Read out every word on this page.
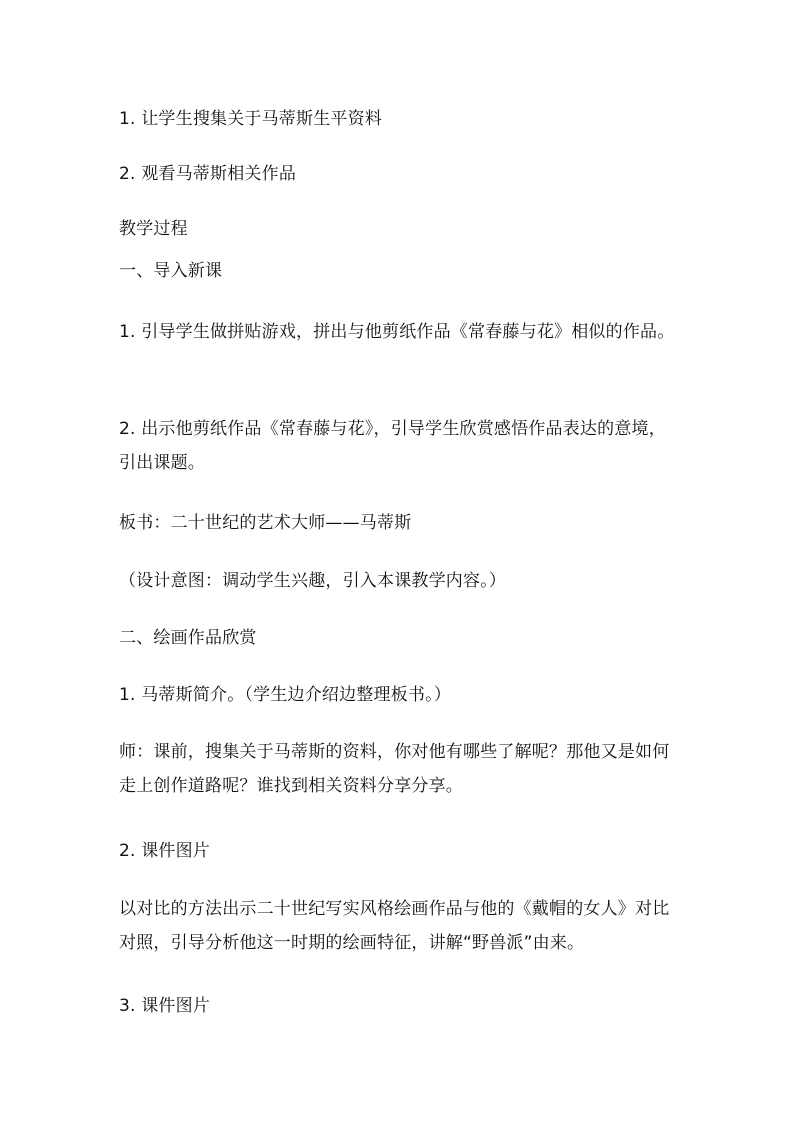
1. 让学生搜集关于马蒂斯生平资料
2. 观看马蒂斯相关作品
教学过程
一、导入新课
1. 引导学生做拼贴游戏，拼出与他剪纸作品《常春藤与花》相似的作品。
2. 出示他剪纸作品《常春藤与花》，引导学生欣赏感悟作品表达的意境，引出课题。
板书：二十世纪的艺术大师——马蒂斯
（设计意图：调动学生兴趣，引入本课教学内容。）
二、绘画作品欣赏
1. 马蒂斯简介。（学生边介绍边整理板书。）
师：课前，搜集关于马蒂斯的资料，你对他有哪些了解呢？那他又是如何走上创作道路呢？谁找到相关资料分享分享。
2. 课件图片
以对比的方法出示二十世纪写实风格绘画作品与他的《戴帽的女人》对比对照，引导分析他这一时期的绘画特征，讲解“野兽派”由来。
3. 课件图片
